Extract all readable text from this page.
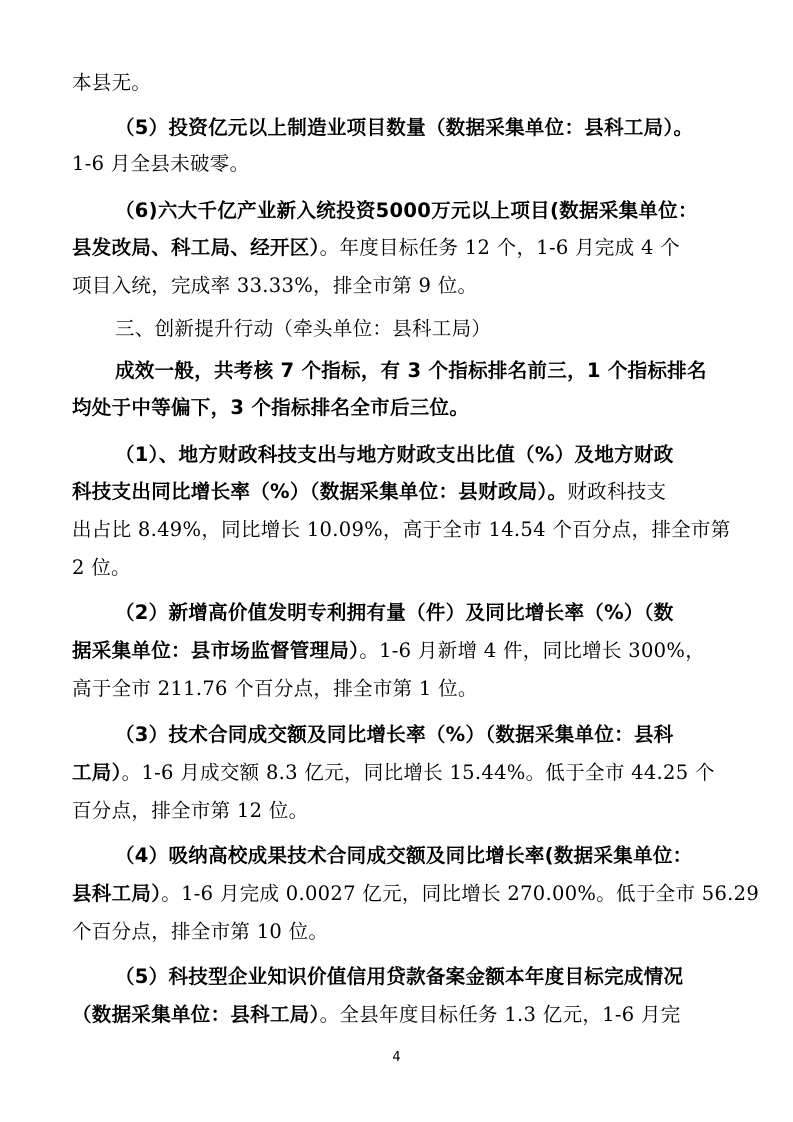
本县无。
（5）投资亿元以上制造业项目数量（数据采集单位：县科工局）。
1-6 月全县未破零。
（6)六大千亿产业新入统投资5000万元以上项目(数据采集单位：
县发改局、科工局、经开区）。年度目标任务 12 个，1-6 月完成 4 个
项目入统，完成率 33.33%，排全市第 9 位。
三、创新提升行动（牵头单位：县科工局）
成效一般，共考核 7 个指标，有 3 个指标排名前三，1 个指标排名
均处于中等偏下，3 个指标排名全市后三位。
（1）、地方财政科技支出与地方财政支出比值（%）及地方财政
科技支出同比增长率（%）（数据采集单位：县财政局）。财政科技支
出占比 8.49%，同比增长 10.09%，高于全市 14.54 个百分点，排全市第
2 位。
（2）新增高价值发明专利拥有量（件）及同比增长率（%）（数
据采集单位：县市场监督管理局）。1-6 月新增 4 件，同比增长 300%，
高于全市 211.76 个百分点，排全市第 1 位。
（3）技术合同成交额及同比增长率（%）（数据采集单位：县科
工局）。1-6 月成交额 8.3 亿元，同比增长 15.44%。低于全市 44.25 个
百分点，排全市第 12 位。
（4）吸纳高校成果技术合同成交额及同比增长率(数据采集单位：
县科工局）。1-6 月完成 0.0027 亿元，同比增长 270.00%。低于全市 56.29
个百分点，排全市第 10 位。
（5）科技型企业知识价值信用贷款备案金额本年度目标完成情况
（数据采集单位：县科工局）。全县年度目标任务 1.3 亿元，1-6 月完
4
